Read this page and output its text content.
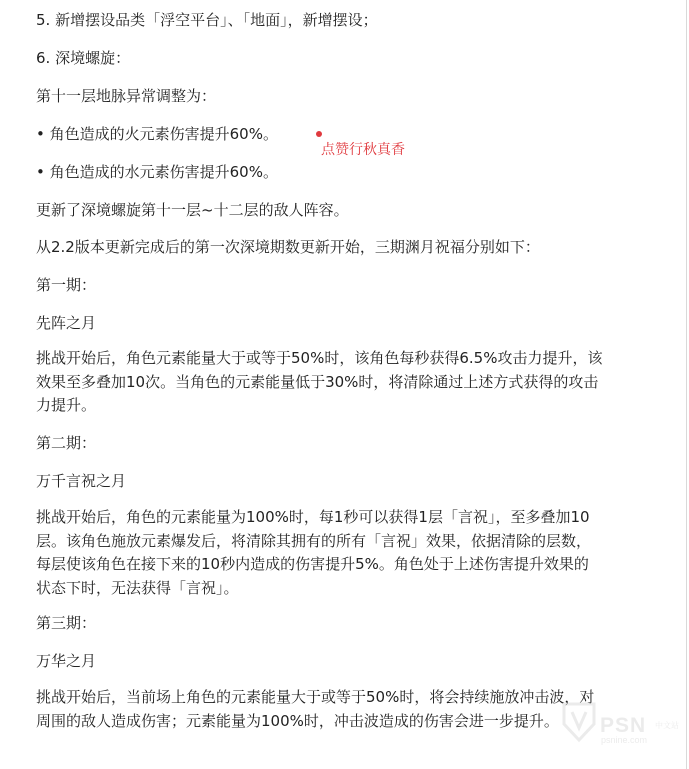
5. 新增摆设品类「浮空平台」、「地面」，新增摆设；
6. 深境螺旋：
第十一层地脉异常调整为：
• 角色造成的火元素伤害提升60%。
• 角色造成的水元素伤害提升60%。
更新了深境螺旋第十一层~十二层的敌人阵容。
从2.2版本更新完成后的第一次深境期数更新开始，三期渊月祝福分别如下：
第一期：
先阵之月
挑战开始后，角色元素能量大于或等于50%时，该角色每秒获得6.5%攻击力提升，该
效果至多叠加10次。当角色的元素能量低于30%时，将清除通过上述方式获得的攻击
力提升。
第二期：
万千言祝之月
挑战开始后，角色的元素能量为100%时，每1秒可以获得1层「言祝」，至多叠加10
层。该角色施放元素爆发后，将清除其拥有的所有「言祝」效果，依据清除的层数，
每层使该角色在接下来的10秒内造成的伤害提升5%。角色处于上述伤害提升效果的
状态下时，无法获得「言祝」。
第三期：
万华之月
挑战开始后，当前场上角色的元素能量大于或等于50%时，将会持续施放冲击波，对
周围的敌人造成伤害；元素能量为100%时，冲击波造成的伤害会进一步提升。
点赞行秋真香
PSN 中文站
psnine.com
